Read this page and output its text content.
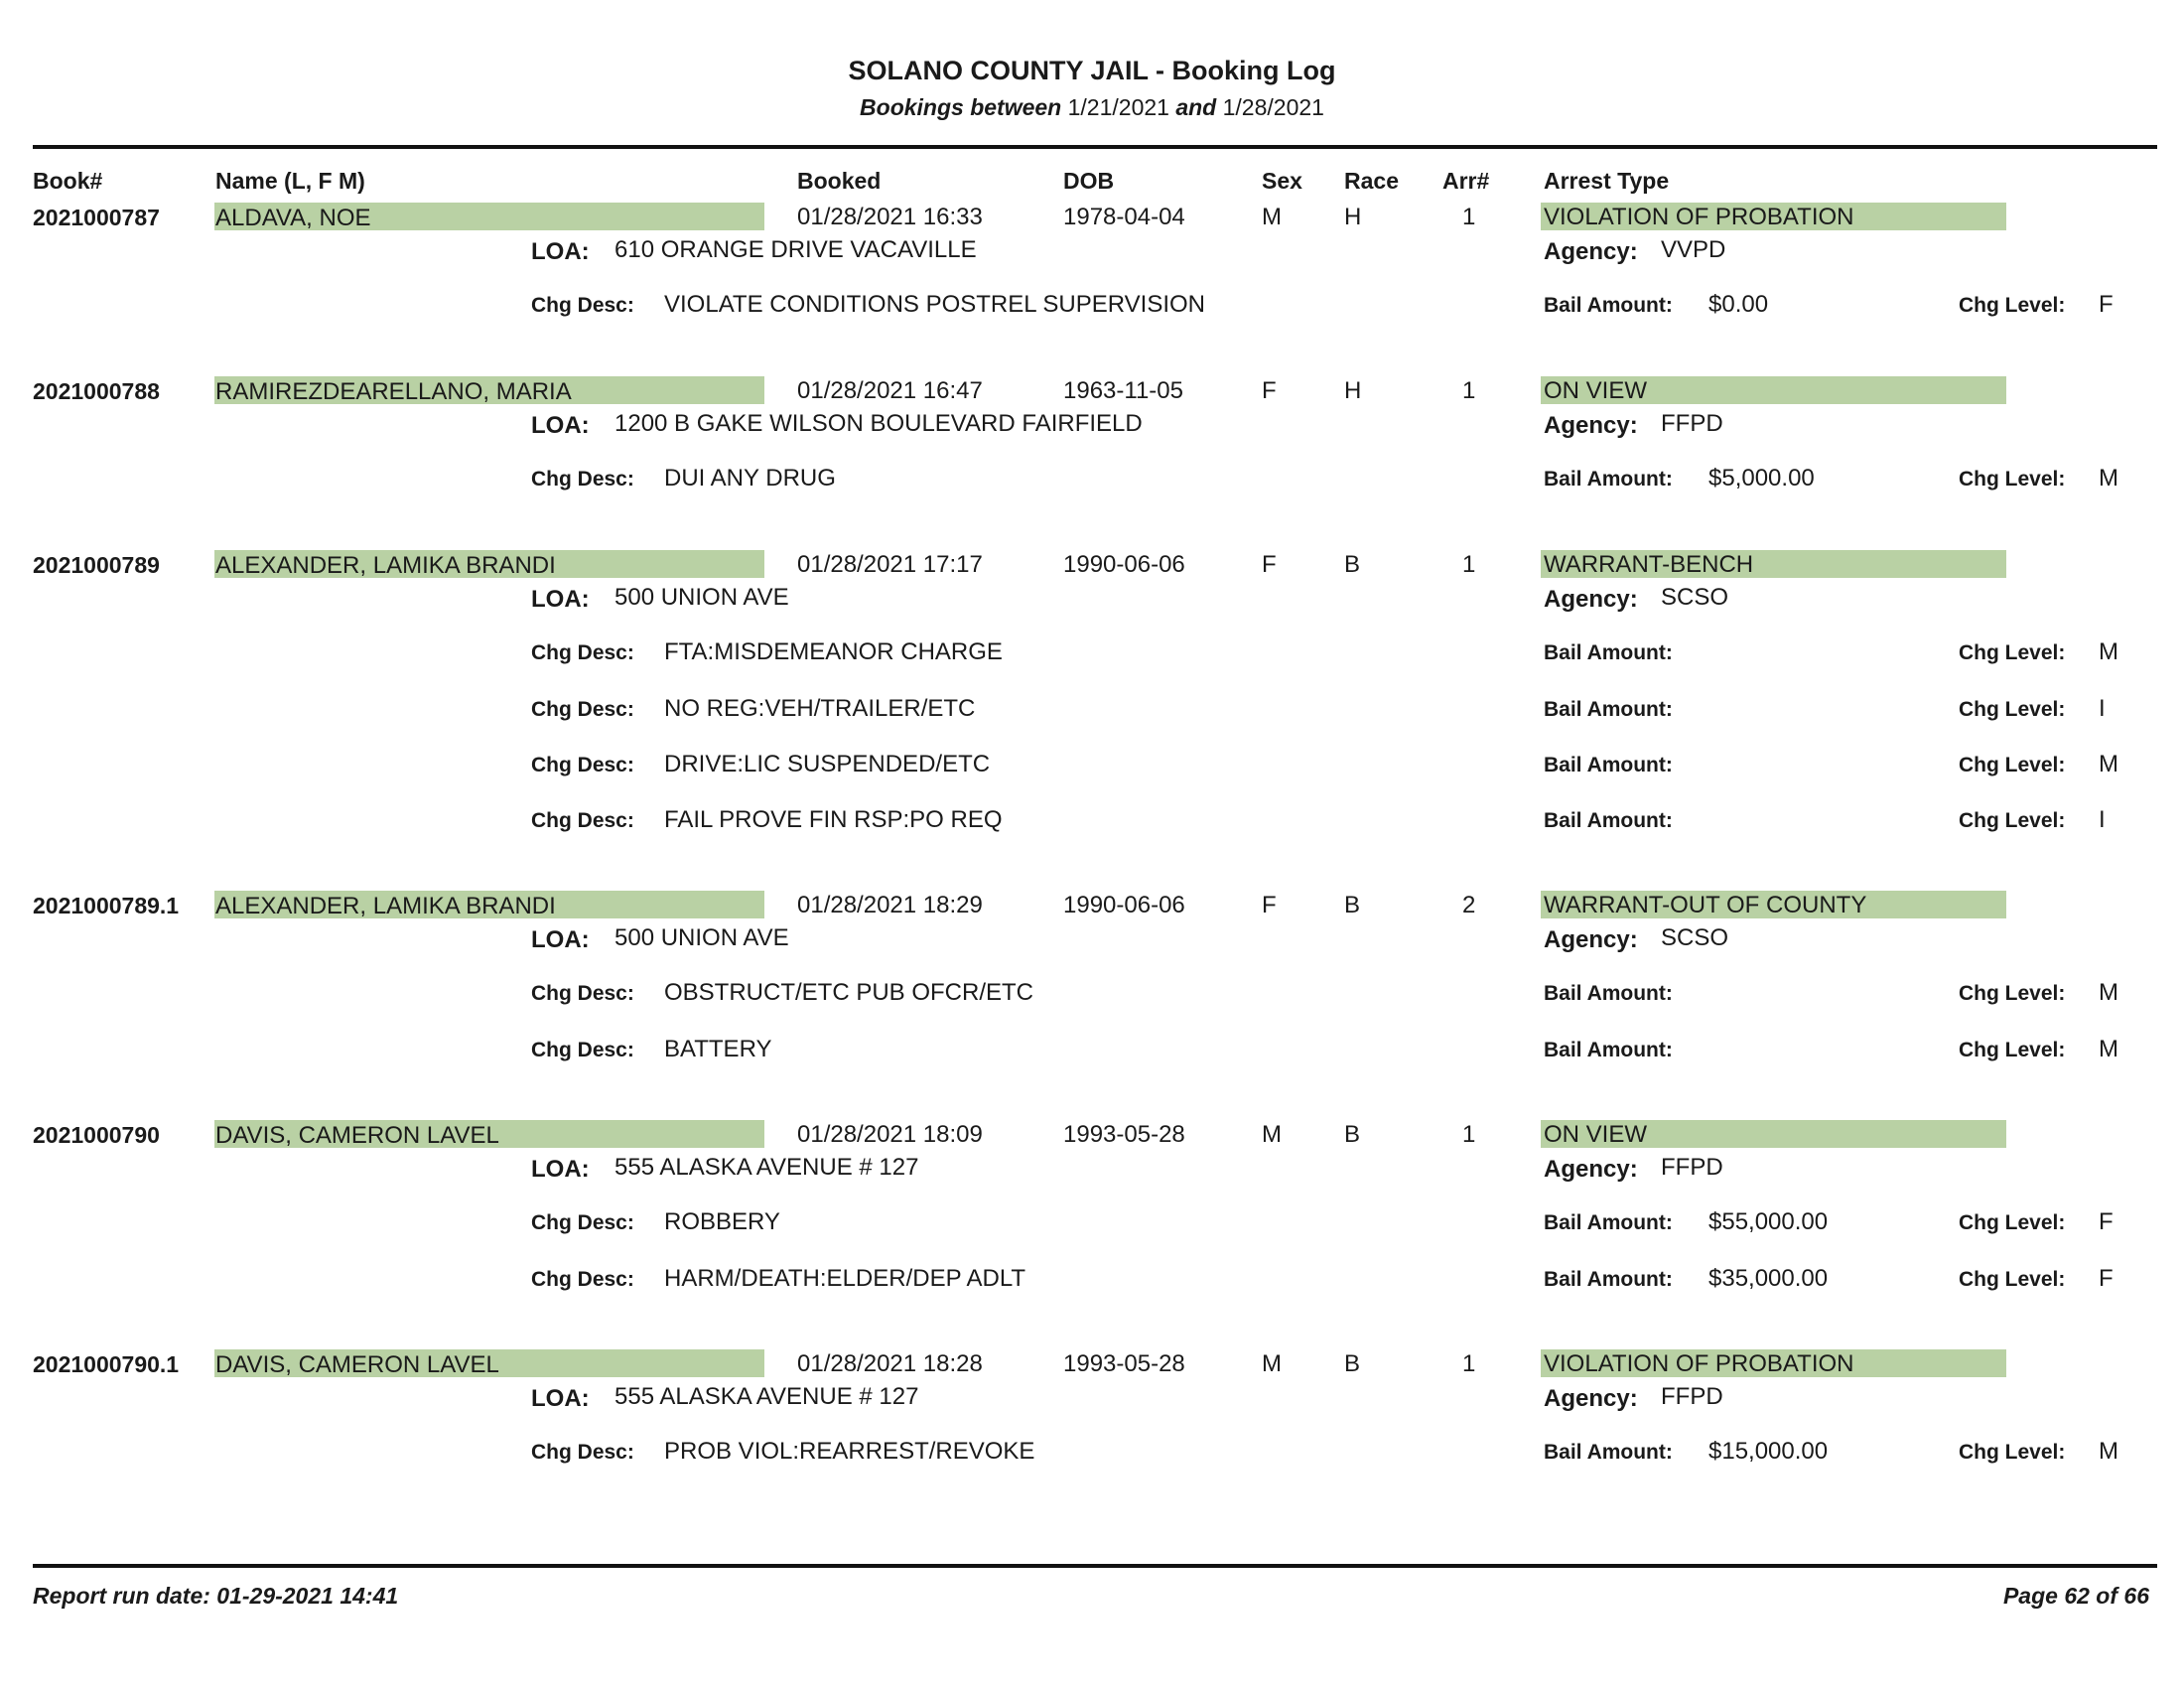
SOLANO COUNTY JAIL - Booking Log
Bookings between 1/21/2021 and 1/28/2021
Book#	Name (L, F M)	Booked	DOB	Sex Race Arr# Arrest Type
2021000787 ALDAVA, NOE	01/28/2021 16:33	1978-04-04	M	H	1	VIOLATION OF PROBATION
LOA: 610 ORANGE DRIVE VACAVILLE	Agency: VVPD
Chg Desc: VIOLATE CONDITIONS POSTREL SUPERVISION	Bail Amount: $0.00	Chg Level: F
2021000788 RAMIREZDEARELLANO, MARIA	01/28/2021 16:47	1963-11-05	F	H	1	ON VIEW
LOA: 1200 B GAKE WILSON BOULEVARD FAIRFIELD	Agency: FFPD
Chg Desc: DUI ANY DRUG	Bail Amount: $5,000.00	Chg Level: M
2021000789 ALEXANDER, LAMIKA BRANDI	01/28/2021 17:17	1990-06-06	F	B	1	WARRANT-BENCH
LOA: 500 UNION AVE	Agency: SCSO
Chg Desc: FTA:MISDEMEANOR CHARGE	Bail Amount:	Chg Level: M
Chg Desc: NO REG:VEH/TRAILER/ETC	Bail Amount:	Chg Level: I
Chg Desc: DRIVE:LIC SUSPENDED/ETC	Bail Amount:	Chg Level: M
Chg Desc: FAIL PROVE FIN RSP:PO REQ	Bail Amount:	Chg Level: I
2021000789.1 ALEXANDER, LAMIKA BRANDI	01/28/2021 18:29	1990-06-06	F	B	2	WARRANT-OUT OF COUNTY
LOA: 500 UNION AVE	Agency: SCSO
Chg Desc: OBSTRUCT/ETC PUB OFCR/ETC	Bail Amount:	Chg Level: M
Chg Desc: BATTERY	Bail Amount:	Chg Level: M
2021000790 DAVIS, CAMERON LAVEL	01/28/2021 18:09	1993-05-28	M	B	1	ON VIEW
LOA: 555 ALASKA AVENUE # 127	Agency: FFPD
Chg Desc: ROBBERY	Bail Amount: $55,000.00	Chg Level: F
Chg Desc: HARM/DEATH:ELDER/DEP ADLT	Bail Amount: $35,000.00	Chg Level: F
2021000790.1 DAVIS, CAMERON LAVEL	01/28/2021 18:28	1993-05-28	M	B	1	VIOLATION OF PROBATION
LOA: 555 ALASKA AVENUE # 127	Agency: FFPD
Chg Desc: PROB VIOL:REARREST/REVOKE	Bail Amount: $15,000.00	Chg Level: M
Report run date: 01-29-2021 14:41	Page 62 of 66
